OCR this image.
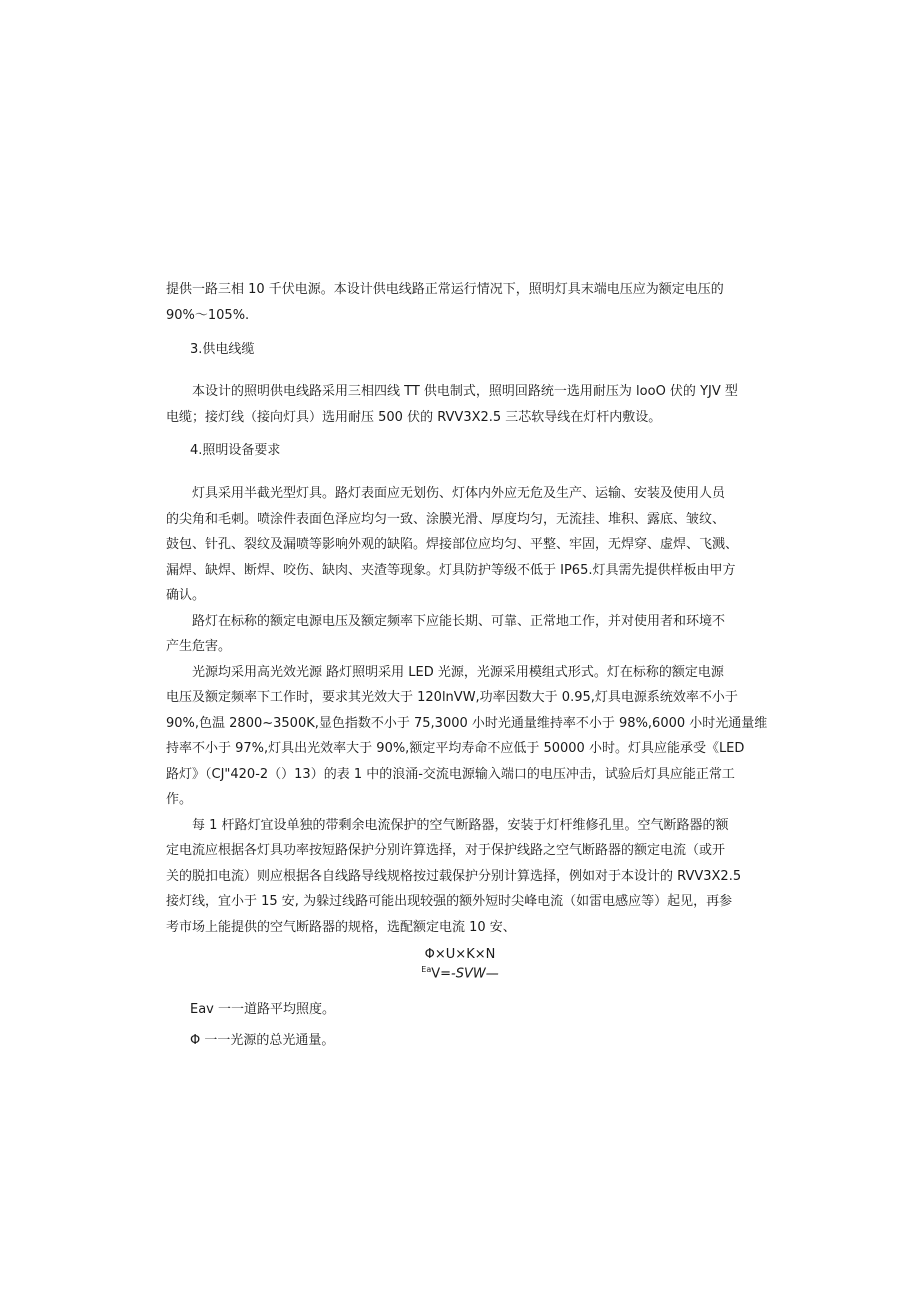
提供一路三相 10 千伏电源。本设计供电线路正常运行情况下，照明灯具末端电压应为额定电压的
90%～105%.
3.供电线缆
　　本设计的照明供电线路采用三相四线 TT 供电制式，照明回路统一选用耐压为 looO 伏的 YJV 型
电缆；接灯线（接向灯具）选用耐压 500 伏的 RVV3X2.5 三芯软导线在灯杆内敷设。
4.照明设备要求
　　灯具采用半截光型灯具。路灯表面应无划伤、灯体内外应无危及生产、运输、安装及使用人员
的尖角和毛刺。喷涂件表面色泽应均匀一致、涂膜光滑、厚度均匀，无流挂、堆积、露底、皱纹、
鼓包、针孔、裂纹及漏喷等影响外观的缺陷。焊接部位应均匀、平整、牢固，无焊穿、虚焊、飞溅、
漏焊、缺焊、断焊、咬伤、缺肉、夹渣等现象。灯具防护等级不低于 IP65.灯具需先提供样板由甲方
确认。
　　路灯在标称的额定电源电压及额定频率下应能长期、可靠、正常地工作，并对使用者和环境不
产生危害。
　　光源均采用高光效光源 路灯照明采用 LED 光源，光源采用模组式形式。灯在标称的额定电源
电压及额定频率下工作时，要求其光效大于 120lnVW,功率因数大于 0.95,灯具电源系统效率不小于
90%,色温 2800~3500K,显色指数不小于 75,3000 小时光通量维持率不小于 98%,6000 小时光通量维
持率不小于 97%,灯具出光效率大于 90%,额定平均寿命不应低于 50000 小时。灯具应能承受《LED
路灯》（CJ"420-2（）13）的表 1 中的浪涌-交流电源输入端口的电压冲击，试验后灯具应能正常工
作。
　　每 1 杆路灯宜设单独的带剩余电流保护的空气断路器，安装于灯杆维修孔里。空气断路器的额
定电流应根据各灯具功率按短路保护分别许算选择，对于保护线路之空气断路器的额定电流（或开
关的脱扣电流）则应根据各自线路导线规格按过载保护分别计算选择，例如对于本设计的 RVV3X2.5
接灯线，宜小于 15 安, 为躲过线路可能出现较强的额外短时尖峰电流（如雷电感应等）起见，再参
考市场上能提供的空气断路器的规格，选配额定电流 10 安、
Φ×U×K×N
$^{Ea}$V=-SVW—
Eav 一一道路平均照度。
Φ 一一光源的总光通量。
